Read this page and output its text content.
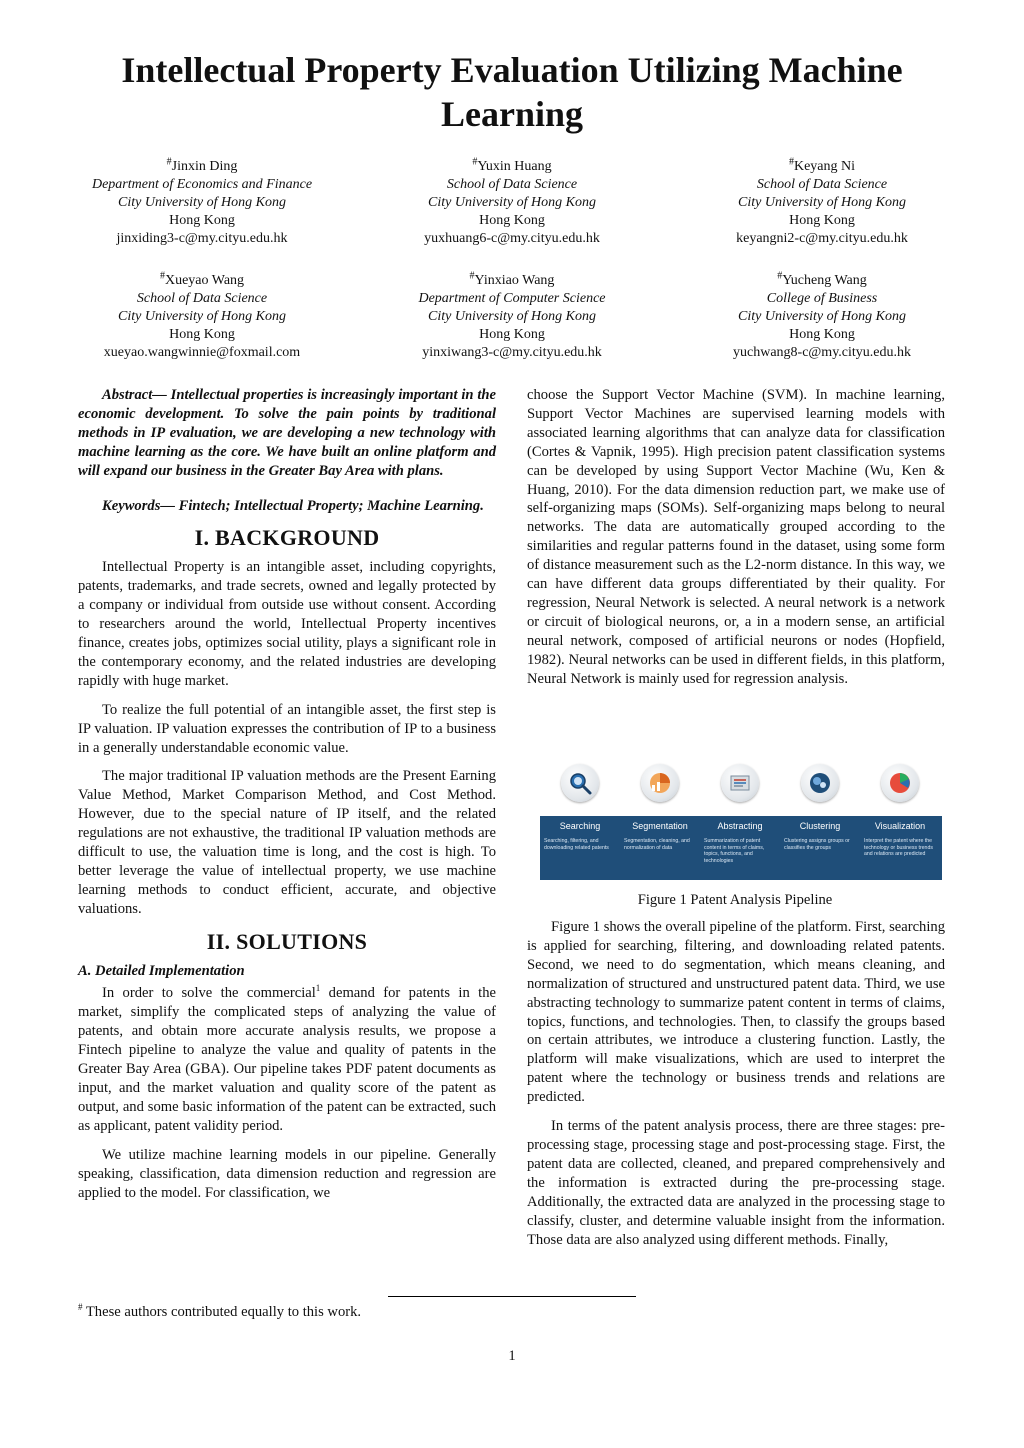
Intellectual Property Evaluation Utilizing Machine Learning
#Jinxin Ding
Department of Economics and Finance
City University of Hong Kong
Hong Kong
jinxiding3-c@my.cityu.edu.hk
#Yuxin Huang
School of Data Science
City University of Hong Kong
Hong Kong
yuxhuang6-c@my.cityu.edu.hk
#Keyang Ni
School of Data Science
City University of Hong Kong
Hong Kong
keyangni2-c@my.cityu.edu.hk
#Xueyao Wang
School of Data Science
City University of Hong Kong
Hong Kong
xueyao.wangwinnie@foxmail.com
#Yinxiao Wang
Department of Computer Science
City University of Hong Kong
Hong Kong
yinxiwang3-c@my.cityu.edu.hk
#Yucheng Wang
College of Business
City University of Hong Kong
Hong Kong
yuchwang8-c@my.cityu.edu.hk
Abstract— Intellectual properties is increasingly important in the economic development. To solve the pain points by traditional methods in IP evaluation, we are developing a new technology with machine learning as the core. We have built an online platform and will expand our business in the Greater Bay Area with plans.
Keywords— Fintech; Intellectual Property; Machine Learning.
I. BACKGROUND

Intellectual Property is an intangible asset, including copyrights, patents, trademarks, and trade secrets, owned and legally protected by a company or individual from outside use without consent. According to researchers around the world, Intellectual Property incentives finance, creates jobs, optimizes social utility, plays a significant role in the contemporary economy, and the related industries are developing rapidly with huge market.

To realize the full potential of an intangible asset, the first step is IP valuation. IP valuation expresses the contribution of IP to a business in a generally understandable economic value.

The major traditional IP valuation methods are the Present Earning Value Method, Market Comparison Method, and Cost Method. However, due to the special nature of IP itself, and the related regulations are not exhaustive, the traditional IP valuation methods are difficult to use, the valuation time is long, and the cost is high. To better leverage the value of intellectual property, we use machine learning methods to conduct efficient, accurate, and objective valuations.

II. SOLUTIONS
A. Detailed Implementation

In order to solve the commercial$^1$ demand for patents in the market, simplify the complicated steps of analyzing the value of patents, and obtain more accurate analysis results, we propose a Fintech pipeline to analyze the value and quality of patents in the Greater Bay Area (GBA). Our pipeline takes PDF patent documents as input, and the market valuation and quality score of the patent as output, and some basic information of the patent can be extracted, such as applicant, patent validity period.

We utilize machine learning models in our pipeline. Generally speaking, classification, data dimension reduction and regression are applied to the model. For classification, we

choose the Support Vector Machine (SVM). In machine learning, Support Vector Machines are supervised learning models with associated learning algorithms that can analyze data for classification (Cortes & Vapnik, 1995). High precision patent classification systems can be developed by using Support Vector Machine (Wu, Ken & Huang, 2010). For the data dimension reduction part, we make use of self-organizing maps (SOMs). Self-organizing maps belong to neural networks. The data are automatically grouped according to the similarities and regular patterns found in the dataset, using some form of distance measurement such as the L2-norm distance. In this way, we can have different data groups differentiated by their quality. For regression, Neural Network is selected. A neural network is a network or circuit of biological neurons, or, a in a modern sense, an artificial neural network, composed of artificial neurons or nodes (Hopfield, 1982). Neural networks can be used in different fields, in this platform, Neural Network is mainly used for regression analysis.

Searching
Searching, filtering, and downloading related patents
Segmentation
Segmentation, cleaning, and normalization of data
Abstracting
Summarization of patent content in terms of claims, topics, functions, and technologies
Clustering
Clustering assigns groups or classifies the groups
Visualization
Interpret the patent where the technology or business trends and relations are predicted
Figure 1 Patent Analysis Pipeline

Figure 1 shows the overall pipeline of the platform. First, searching is applied for searching, filtering, and downloading related patents. Second, we need to do segmentation, which means cleaning, and normalization of structured and unstructured patent data. Third, we use abstracting technology to summarize patent content in terms of claims, topics, functions, and technologies. Then, to classify the groups based on certain attributes, we introduce a clustering function. Lastly, the platform will make visualizations, which are used to interpret the patent where the technology or business trends and relations are predicted.

In terms of the patent analysis process, there are three stages: pre-processing stage, processing stage and post-processing stage. First, the patent data are collected, cleaned, and prepared comprehensively and the information is extracted during the pre-processing stage. Additionally, the extracted data are analyzed in the processing stage to classify, cluster, and determine valuable insight from the information. Those data are also analyzed using different methods. Finally,

# These authors contributed equally to this work.
1
